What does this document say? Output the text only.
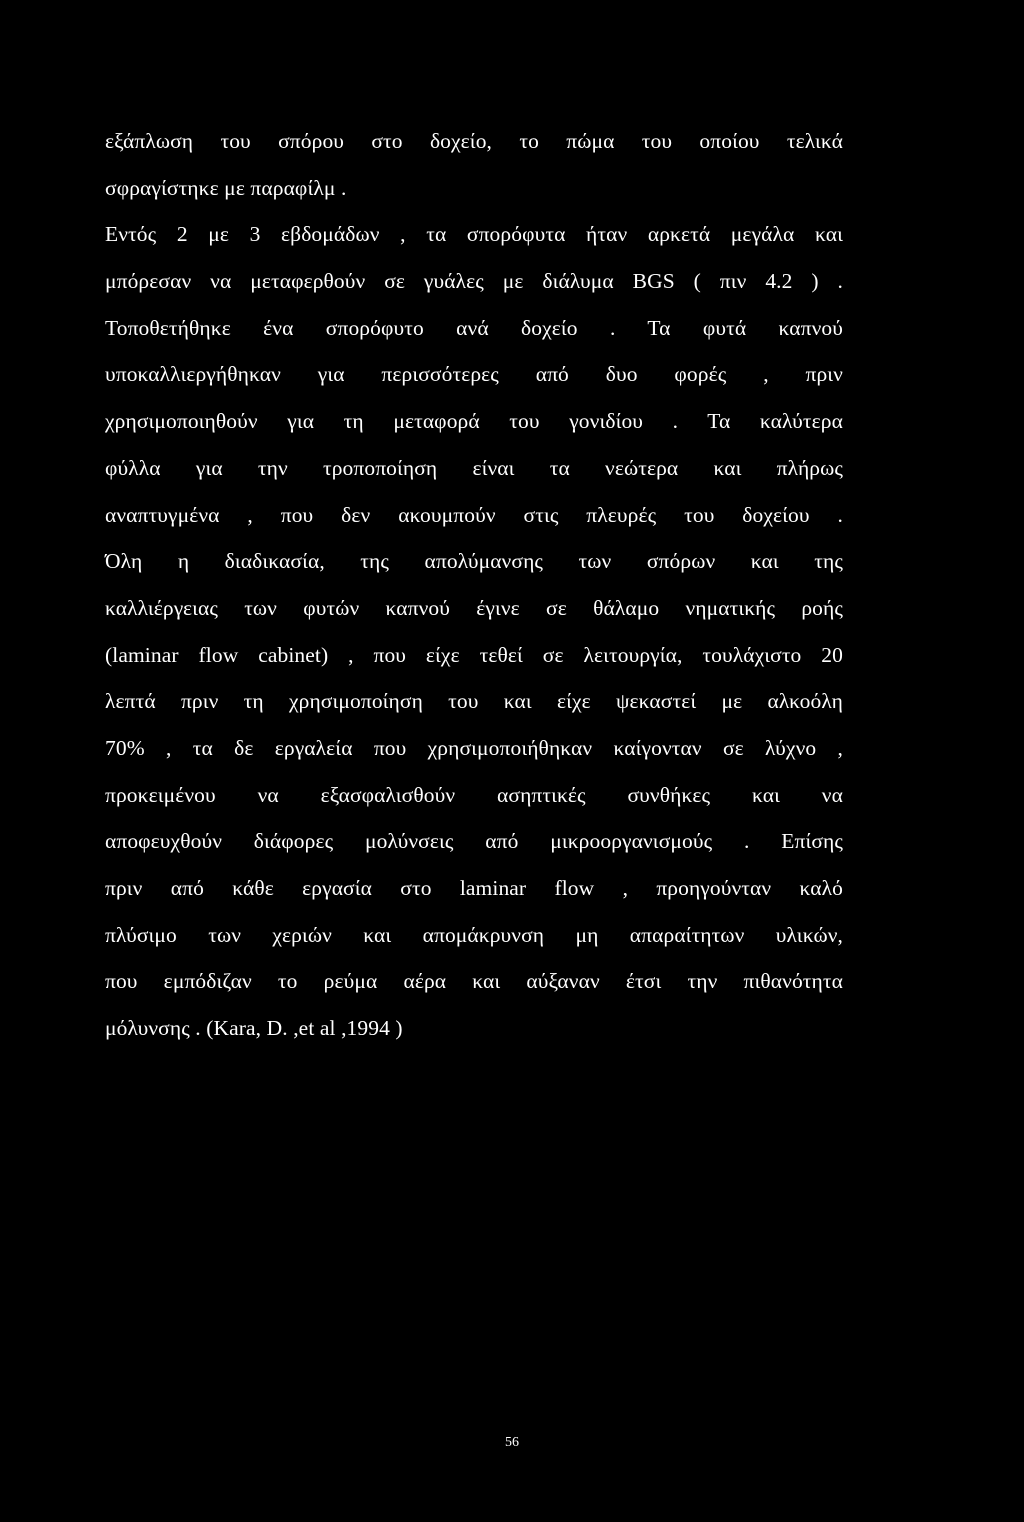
εξάπλωση του σπόρου στο δοχείο, το πώμα του οποίου τελικά
σφραγίστηκε με παραφίλμ .
Εντός 2 με 3 εβδομάδων , τα σπορόφυτα ήταν αρκετά μεγάλα και
μπόρεσαν να μεταφερθούν σε γυάλες με διάλυμα BGS ( πιν 4.2 ) .
Τοποθετήθηκε ένα σπορόφυτο ανά δοχείο . Τα φυτά καπνού
υποκαλλιεργήθηκαν για περισσότερες από δυο φορές , πριν
χρησιμοποιηθούν για τη μεταφορά του γονιδίου . Τα καλύτερα
φύλλα για την τροποποίηση είναι τα νεώτερα και πλήρως
αναπτυγμένα , που δεν ακουμπούν στις πλευρές του δοχείου .
Όλη η διαδικασία, της απολύμανσης των σπόρων και της
καλλιέργειας των φυτών καπνού έγινε σε θάλαμο νηματικής ροής
(laminar flow cabinet) , που είχε τεθεί σε λειτουργία, τουλάχιστο 20
λεπτά πριν τη χρησιμοποίηση του και είχε ψεκαστεί με αλκοόλη
70% , τα δε εργαλεία που χρησιμοποιήθηκαν καίγονταν σε λύχνο ,
προκειμένου να εξασφαλισθούν ασηπτικές συνθήκες και να
αποφευχθούν διάφορες μολύνσεις από μικροοργανισμούς . Επίσης
πριν από κάθε εργασία στο laminar flow , προηγούνταν καλό
πλύσιμο των χεριών και απομάκρυνση μη απαραίτητων υλικών,
που εμπόδιζαν το ρεύμα αέρα και αύξαναν έτσι την πιθανότητα
μόλυνσης . (Kara, D. ,et al ,1994 )
56
